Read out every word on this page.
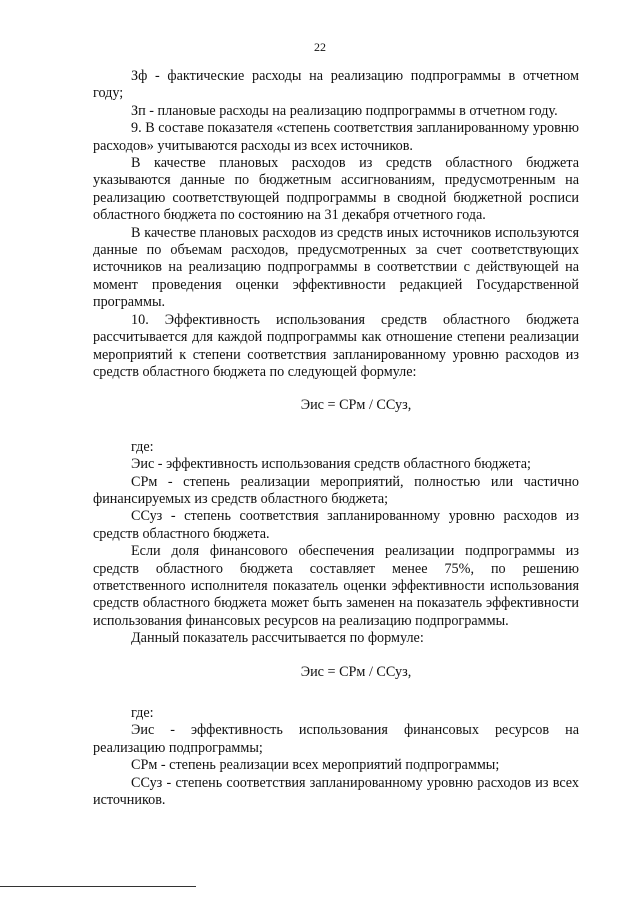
22

Зф - фактические расходы на реализацию подпрограммы в отчетном году;

Зп - плановые расходы на реализацию подпрограммы в отчетном году.

9. В составе показателя «степень соответствия запланированному уровню расходов» учитываются расходы из всех источников.

В качестве плановых расходов из средств областного бюджета указываются данные по бюджетным ассигнованиям, предусмотренным на реализацию соответствующей подпрограммы в сводной бюджетной росписи областного бюджета по состоянию на 31 декабря отчетного года.

В качестве плановых расходов из средств иных источников используются данные по объемам расходов, предусмотренных за счет соответствующих источников на реализацию подпрограммы в соответствии с действующей на момент проведения оценки эффективности редакцией Государственной программы.

10. Эффективность использования средств областного бюджета рассчитывается для каждой подпрограммы как отношение степени реализации мероприятий к степени соответствия запланированному уровню расходов из средств областного бюджета по следующей формуле:

Эис = СРм / ССуз,

где:

Эис - эффективность использования средств областного бюджета;

СРм - степень реализации мероприятий, полностью или частично финансируемых из средств областного бюджета;

ССуз - степень соответствия запланированному уровню расходов из средств областного бюджета.

Если доля финансового обеспечения реализации подпрограммы из средств областного бюджета составляет менее 75%, по решению ответственного исполнителя показатель оценки эффективности использования средств областного бюджета может быть заменен на показатель эффективности использования финансовых ресурсов на реализацию подпрограммы.

Данный показатель рассчитывается по формуле:

Эис = СРм / ССуз,

где:

Эис - эффективность использования финансовых ресурсов на реализацию подпрограммы;

СРм - степень реализации всех мероприятий подпрограммы;

ССуз - степень соответствия запланированному уровню расходов из всех источников.
